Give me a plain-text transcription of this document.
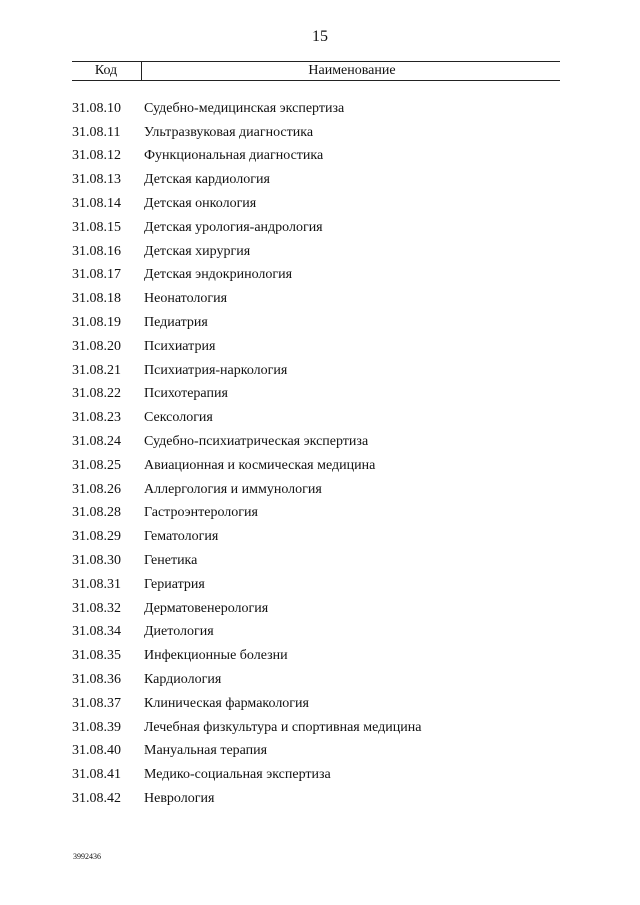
15
Код	Наименование
31.08.10	Судебно-медицинская экспертиза
31.08.11	Ультразвуковая диагностика
31.08.12	Функциональная диагностика
31.08.13	Детская кардиология
31.08.14	Детская онкология
31.08.15	Детская урология-андрология
31.08.16	Детская хирургия
31.08.17	Детская эндокринология
31.08.18	Неонатология
31.08.19	Педиатрия
31.08.20	Психиатрия
31.08.21	Психиатрия-наркология
31.08.22	Психотерапия
31.08.23	Сексология
31.08.24	Судебно-психиатрическая экспертиза
31.08.25	Авиационная и космическая медицина
31.08.26	Аллергология и иммунология
31.08.28	Гастроэнтерология
31.08.29	Гематология
31.08.30	Генетика
31.08.31	Гериатрия
31.08.32	Дерматовенерология
31.08.34	Диетология
31.08.35	Инфекционные болезни
31.08.36	Кардиология
31.08.37	Клиническая фармакология
31.08.39	Лечебная физкультура и спортивная медицина
31.08.40	Мануальная терапия
31.08.41	Медико-социальная экспертиза
31.08.42	Неврология
3992436
